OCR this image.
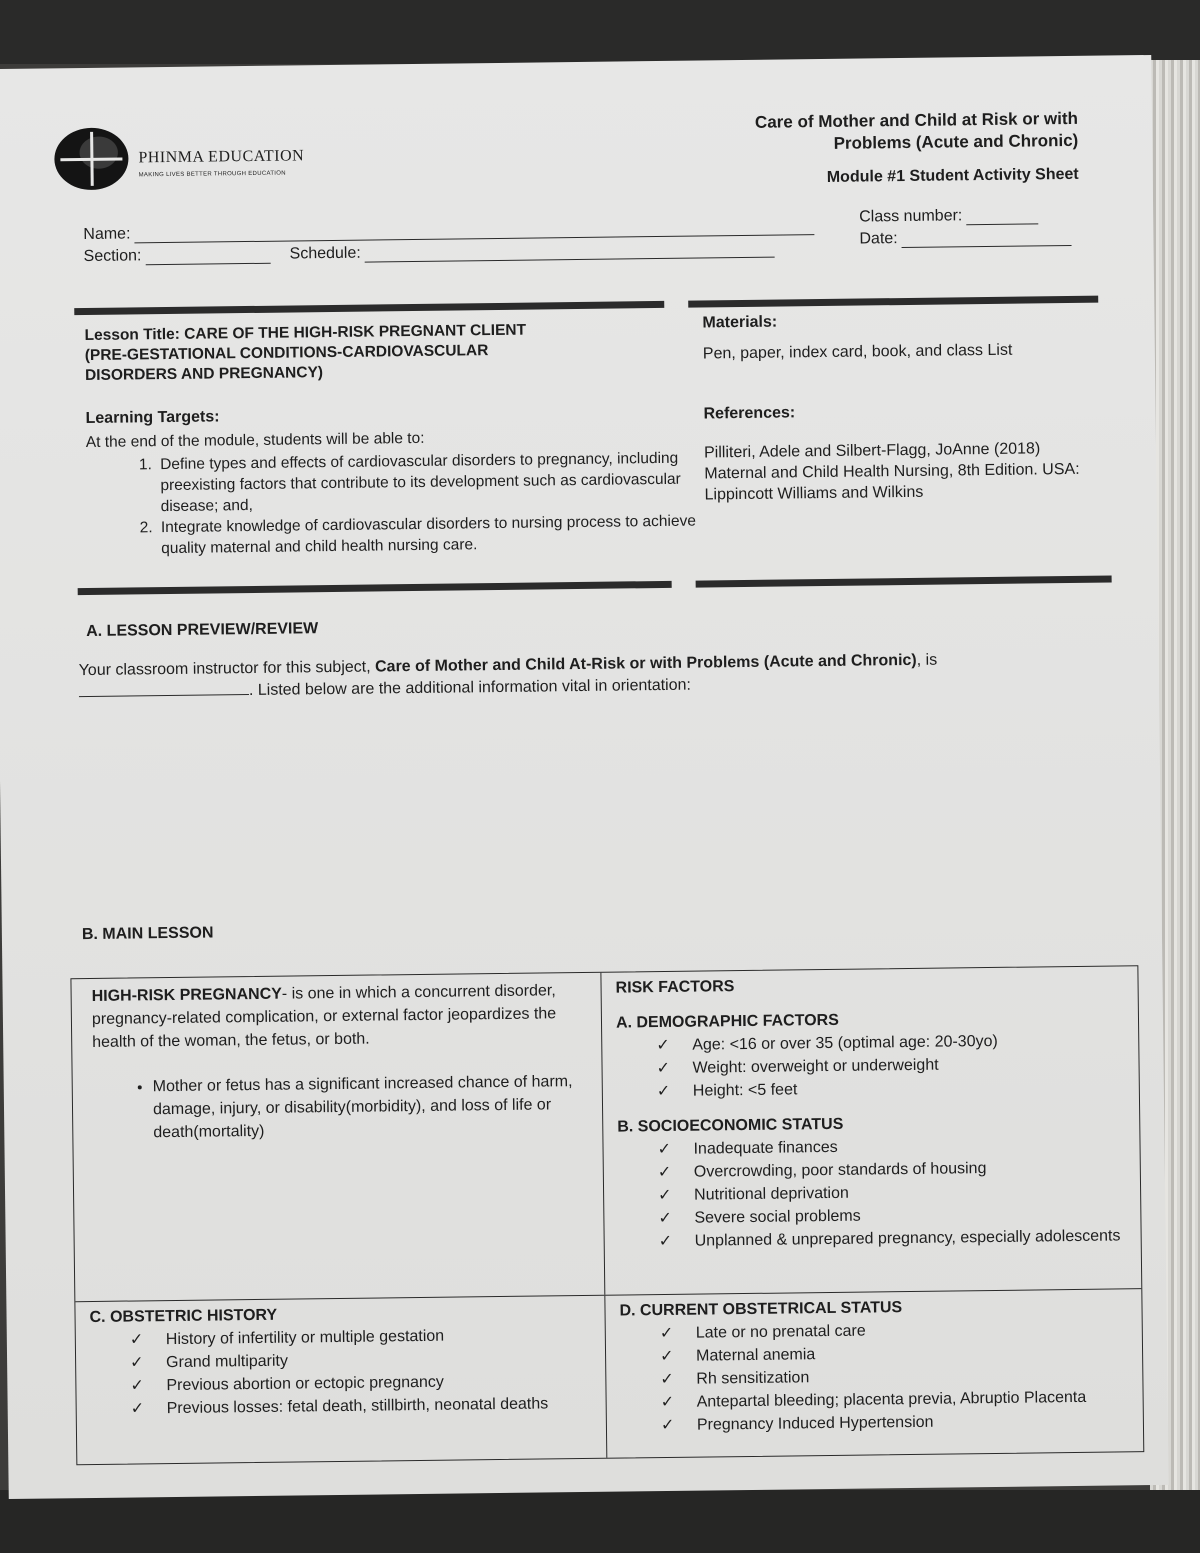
PHINMA EDUCATION
MAKING LIVES BETTER THROUGH EDUCATION
Care of Mother and Child at Risk or with
Problems (Acute and Chronic)
Module #1 Student Activity Sheet
Name:
Section:	Schedule:
Class number:
Date:
Lesson Title: CARE OF THE HIGH-RISK PREGNANT CLIENT
(PRE-GESTATIONAL CONDITIONS-CARDIOVASCULAR
DISORDERS AND PREGNANCY)
Learning Targets:
At the end of the module, students will be able to:
1. Define types and effects of cardiovascular disorders to pregnancy, including preexisting factors that contribute to its development such as cardiovascular disease; and,
2. Integrate knowledge of cardiovascular disorders to nursing process to achieve quality maternal and child health nursing care.
Materials:
Pen, paper, index card, book, and class List
References:
Pilliteri, Adele and Silbert-Flagg, JoAnne (2018) Maternal and Child Health Nursing, 8th Edition. USA: Lippincott Williams and Wilkins
A. LESSON PREVIEW/REVIEW
Your classroom instructor for this subject, Care of Mother and Child At-Risk or with Problems (Acute and Chronic), is
. Listed below are the additional information vital in orientation:
B. MAIN LESSON
HIGH-RISK PREGNANCY- is one in which a concurrent disorder, pregnancy-related complication, or external factor jeopardizes the health of the woman, the fetus, or both.
• Mother or fetus has a significant increased chance of harm, damage, injury, or disability(morbidity), and loss of life or death(mortality)
RISK FACTORS
A. DEMOGRAPHIC FACTORS
✓ Age: <16 or over 35 (optimal age: 20-30yo)
✓ Weight: overweight or underweight
✓ Height: <5 feet
B. SOCIOECONOMIC STATUS
✓ Inadequate finances
✓ Overcrowding, poor standards of housing
✓ Nutritional deprivation
✓ Severe social problems
✓ Unplanned & unprepared pregnancy, especially adolescents
C. OBSTETRIC HISTORY
✓ History of infertility or multiple gestation
✓ Grand multiparity
✓ Previous abortion or ectopic pregnancy
✓ Previous losses: fetal death, stillbirth, neonatal deaths
D. CURRENT OBSTETRICAL STATUS
✓ Late or no prenatal care
✓ Maternal anemia
✓ Rh sensitization
✓ Antepartal bleeding; placenta previa, Abruptio Placenta
✓ Pregnancy Induced Hypertension
